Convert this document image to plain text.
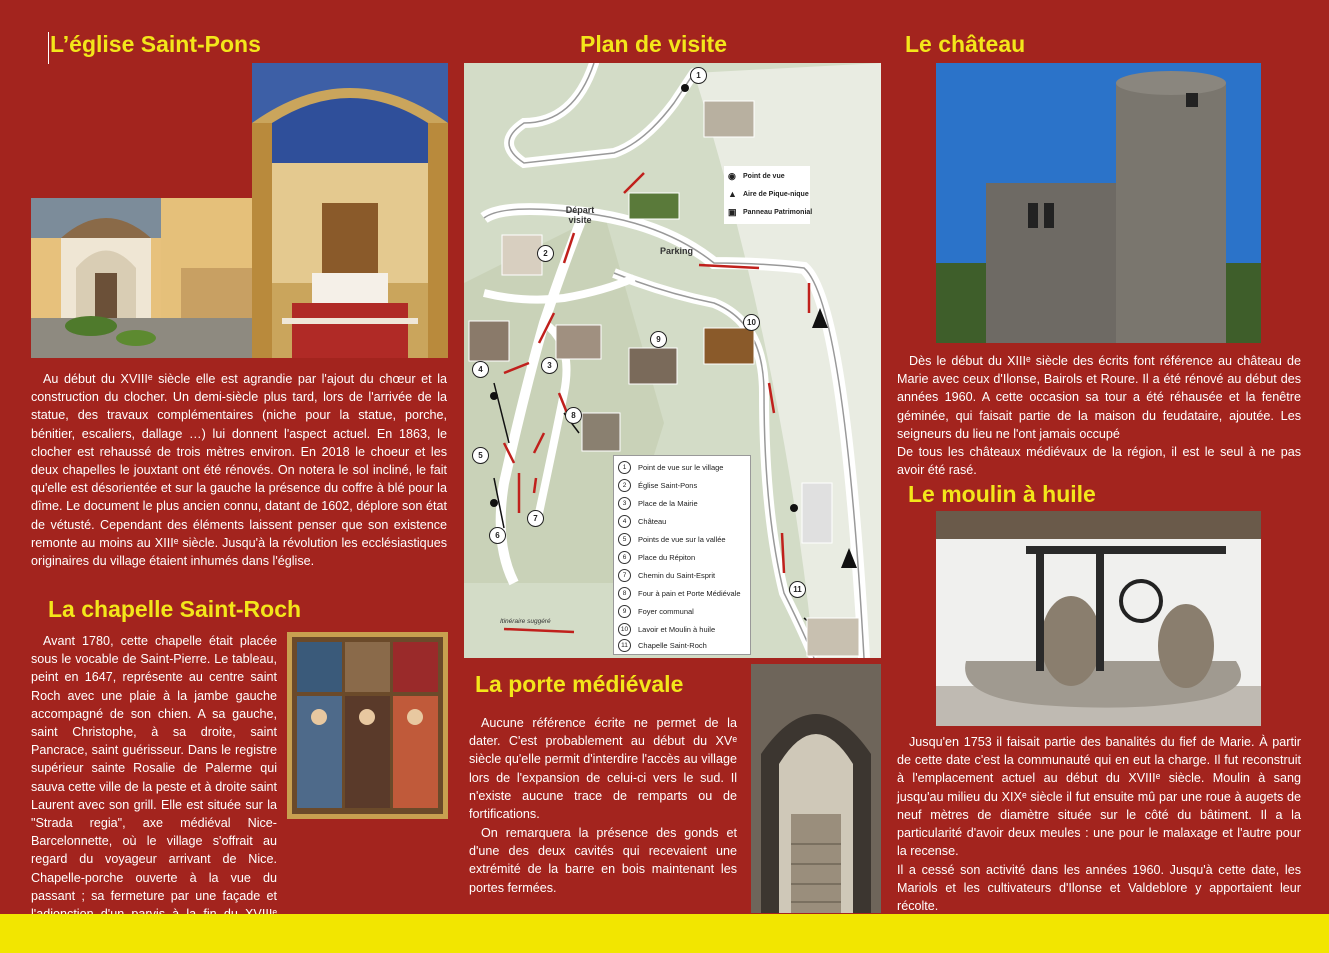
L’église Saint-Pons

Au début du XVIIIᵉ siècle elle est agrandie par l'ajout du chœur et la construction du clocher. Un demi-siècle plus tard, lors de l'arrivée de la statue, des travaux complémentaires (niche pour la statue, porche, bénitier, escaliers, dallage …) lui donnent l'aspect actuel. En 1863, le clocher est rehaussé de trois mètres environ. En 2018 le choeur et les deux chapelles le jouxtant ont été rénovés. On notera le sol incliné, le fait qu'elle est désorientée et sur la gauche la présence du coffre à blé pour la dîme. Le document le plus ancien connu, datant de 1602, déplore son état de vétusté. Cependant des éléments laissent penser que son existence remonte au moins au XIIIᵉ siècle. Jusqu'à la révolution les ecclésiastiques originaires du village étaient inhumés dans l'église.

La chapelle Saint-Roch

Avant 1780, cette chapelle était placée sous le vocable de Saint-Pierre. Le tableau, peint en 1647, représente au centre saint Roch avec une plaie à la jambe gauche accompagné de son chien. A sa gauche, saint Christophe, à sa droite, saint Pancrace, saint guérisseur. Dans le registre supérieur sainte Rosalie de Palerme qui sauva cette ville de la peste et à droite saint Laurent avec son grill. Elle est située sur la "Strada regia", axe médiéval Nice-Barcelonnette, où le village s'offrait au regard du voyageur arrivant de Nice. Chapelle-porche ouverte à la vue du passant ; sa fermeture par une façade et

Plan de visite
1
2
3
4
5
6
7
8
9
10
11
Départ visite
Parking
Itinéraire suggéré
◉ Point de vue
▲ Aire de Pique-nique
▣ Panneau Patrimonial
1	Point de vue sur le village
2	Église Saint-Pons
3	Place de la Mairie
4	Château
5	Points de vue sur la vallée
6	Place du Répiton
7	Chemin du Saint-Esprit
8	Four à pain et Porte Médiévale
9	Foyer communal
10	Lavoir et Moulin à huile
11	Chapelle Saint-Roch
La porte médiévale

Aucune référence écrite ne permet de la dater. C'est probablement au début du XVᵉ siècle qu'elle permit d'interdire l'accès au village lors de l'expansion de celui-ci vers le sud. Il n'existe aucune trace de remparts ou de fortifications.

On remarquera la présence des gonds et d'une des deux cavités qui recevaient une extrémité de la barre en bois maintenant les portes fermées.

Le château

Dès le début du XIIIᵉ siècle des écrits font référence au château de Marie avec ceux d'Ilonse, Bairols et Roure. Il a été rénové au début des années 1960. A cette occasion sa tour a été réhausée et la fenêtre géminée, qui faisait partie de la maison du feudataire, ajoutée. Les seigneurs du lieu ne l'ont jamais occupé

De tous les châteaux médiévaux de la région, il est le seul à ne pas avoir été rasé.

Le moulin à huile

Jusqu'en 1753 il faisait partie des banalités du fief de Marie. À partir de cette date c'est la communauté qui en eut la charge. Il fut reconstruit à l'emplacement actuel au début du XVIIIᵉ siècle. Moulin à sang jusqu'au milieu du XIXᵉ siècle il fut ensuite mû par une roue à augets de neuf mètres de diamètre située sur le côté du bâtiment. Il a la particularité d'avoir deux meules : une pour le malaxage et l'autre pour la recense.

Il a cessé son activité dans les années 1960. Jusqu'à cette date, les Mariols et les cultivateurs d'Ilonse et Valdeblore y apportaient leur récolte.
